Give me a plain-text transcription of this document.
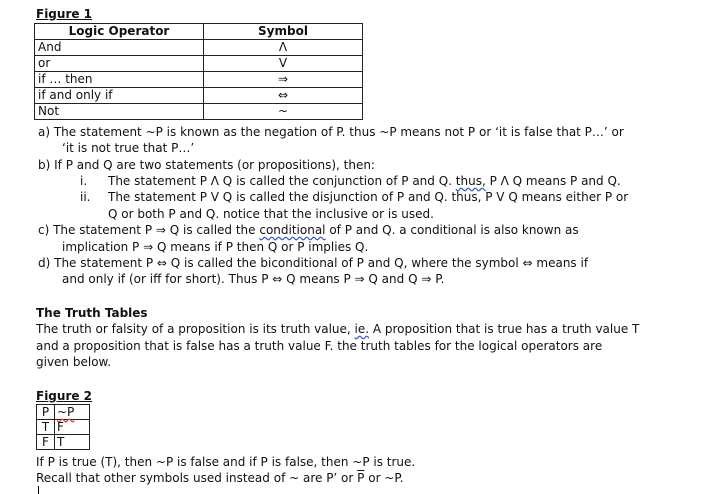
Figure 1
Logic Operator	Symbol
And	Λ
or	V
if … then	⇒
if and only if	⇔
Not	~
a) The statement ~P is known as the negation of P. thus ~P means not P or ‘it is false that P…’ or
‘it is not true that P…’
b) If P and Q are two statements (or propositions), then:
i. The statement P Λ Q is called the conjunction of P and Q. thus, P Λ Q means P and Q.
ii. The statement P V Q is called the disjunction of P and Q. thus, P V Q means either P or
Q or both P and Q. notice that the inclusive or is used.
c) The statement P ⇒ Q is called the conditional of P and Q. a conditional is also known as
implication P ⇒ Q means if P then Q or P implies Q.
d) The statement P ⇔ Q is called the biconditional of P and Q, where the symbol ⇔ means if
and only if (or iff for short). Thus P ⇔ Q means P ⇒ Q and Q ⇒ P.
The Truth Tables
The truth or falsity of a proposition is its truth value, ie. A proposition that is true has a truth value T
and a proposition that is false has a truth value F. the truth tables for the logical operators are
given below.
Figure 2
P	~P
T	F
F	T
If P is true (T), then ~P is false and if P is false, then ~P is true.
Recall that other symbols used instead of ~ are P’ or $\overline{P}$ or ~P.
